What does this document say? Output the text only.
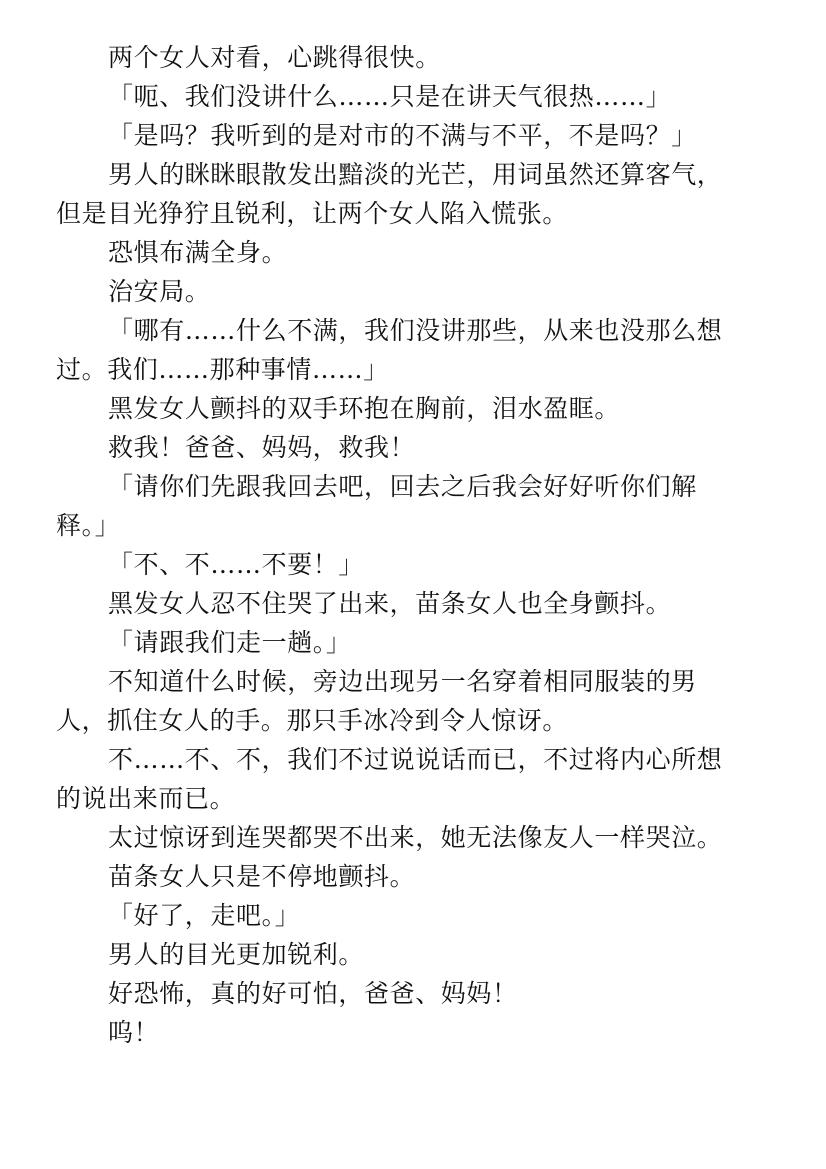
两个女人对看，心跳得很快。
「呃、我们没讲什么……只是在讲天气很热……」
「是吗？我听到的是对市的不满与不平，不是吗？」
男人的眯眯眼散发出黯淡的光芒，用词虽然还算客气，
但是目光狰狞且锐利，让两个女人陷入慌张。
恐惧布满全身。
治安局。
「哪有……什么不满，我们没讲那些，从来也没那么想
过。我们……那种事情……」
黑发女人颤抖的双手环抱在胸前，泪水盈眶。
救我！爸爸、妈妈，救我！
「请你们先跟我回去吧，回去之后我会好好听你们解
释。」
「不、不……不要！」
黑发女人忍不住哭了出来，苗条女人也全身颤抖。
「请跟我们走一趟。」
不知道什么时候，旁边出现另一名穿着相同服装的男
人，抓住女人的手。那只手冰冷到令人惊讶。
不……不、不，我们不过说说话而已，不过将内心所想
的说出来而已。
太过惊讶到连哭都哭不出来，她无法像友人一样哭泣。
苗条女人只是不停地颤抖。
「好了，走吧。」
男人的目光更加锐利。
好恐怖，真的好可怕，爸爸、妈妈！
呜！
